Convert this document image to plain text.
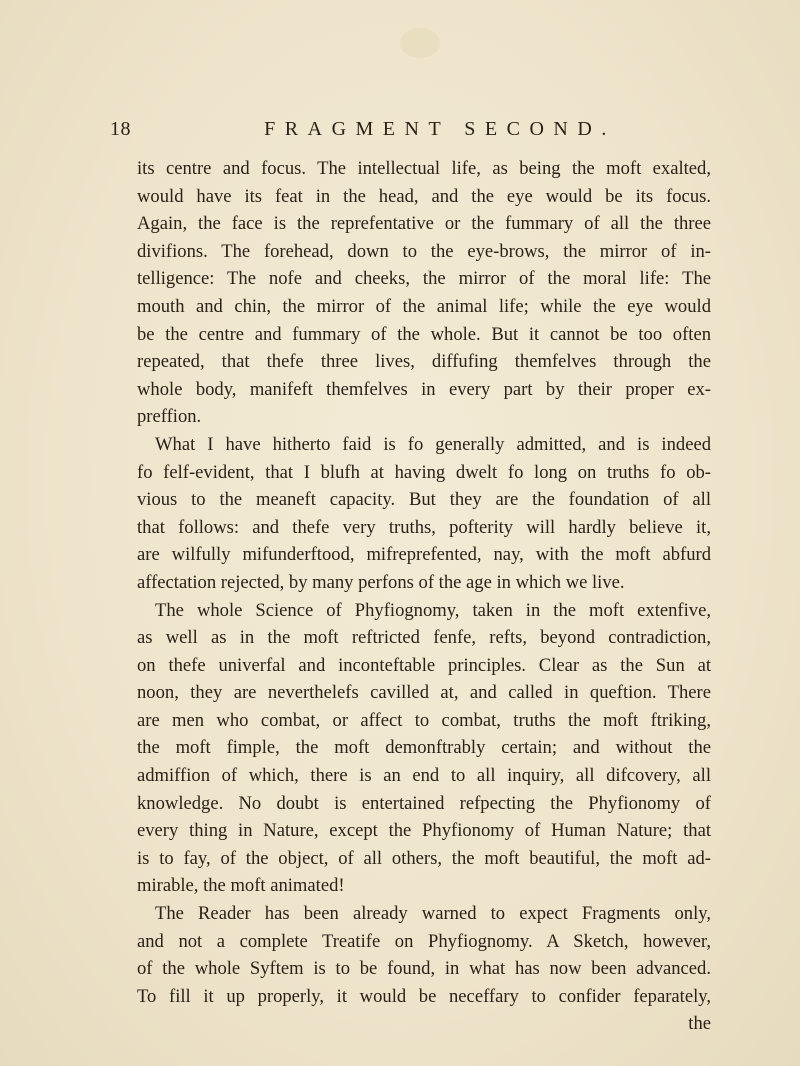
18	FRAGMENT SECOND.
its centre and focus. The intellectual life, as being the moft exalted,
would have its feat in the head, and the eye would be its focus.
Again, the face is the reprefentative or the fummary of all the three
divifions. The forehead, down to the eye-brows, the mirror of in-
telligence: The nofe and cheeks, the mirror of the moral life: The
mouth and chin, the mirror of the animal life; while the eye would
be the centre and fummary of the whole. But it cannot be too often
repeated, that thefe three lives, diffufing themfelves through the
whole body, manifeft themfelves in every part by their proper ex-
preffion.
What I have hitherto faid is fo generally admitted, and is indeed
fo felf-evident, that I blufh at having dwelt fo long on truths fo ob-
vious to the meaneft capacity. But they are the foundation of all
that follows: and thefe very truths, pofterity will hardly believe it,
are wilfully mifunderftood, mifreprefented, nay, with the moft abfurd
affectation rejected, by many perfons of the age in which we live.
The whole Science of Phyfiognomy, taken in the moft extenfive,
as well as in the moft reftricted fenfe, refts, beyond contradiction,
on thefe univerfal and inconteftable principles. Clear as the Sun at
noon, they are neverthelefs cavilled at, and called in queftion. There
are men who combat, or affect to combat, truths the moft ftriking,
the moft fimple, the moft demonftrably certain; and without the
admiffion of which, there is an end to all inquiry, all difcovery, all
knowledge. No doubt is entertained refpecting the Phyfionomy of
every thing in Nature, except the Phyfionomy of Human Nature; that
is to fay, of the object, of all others, the moft beautiful, the moft ad-
mirable, the moft animated!
The Reader has been already warned to expect Fragments only,
and not a complete Treatife on Phyfiognomy. A Sketch, however,
of the whole Syftem is to be found, in what has now been advanced.
To fill it up properly, it would be neceffary to confider feparately,
the
